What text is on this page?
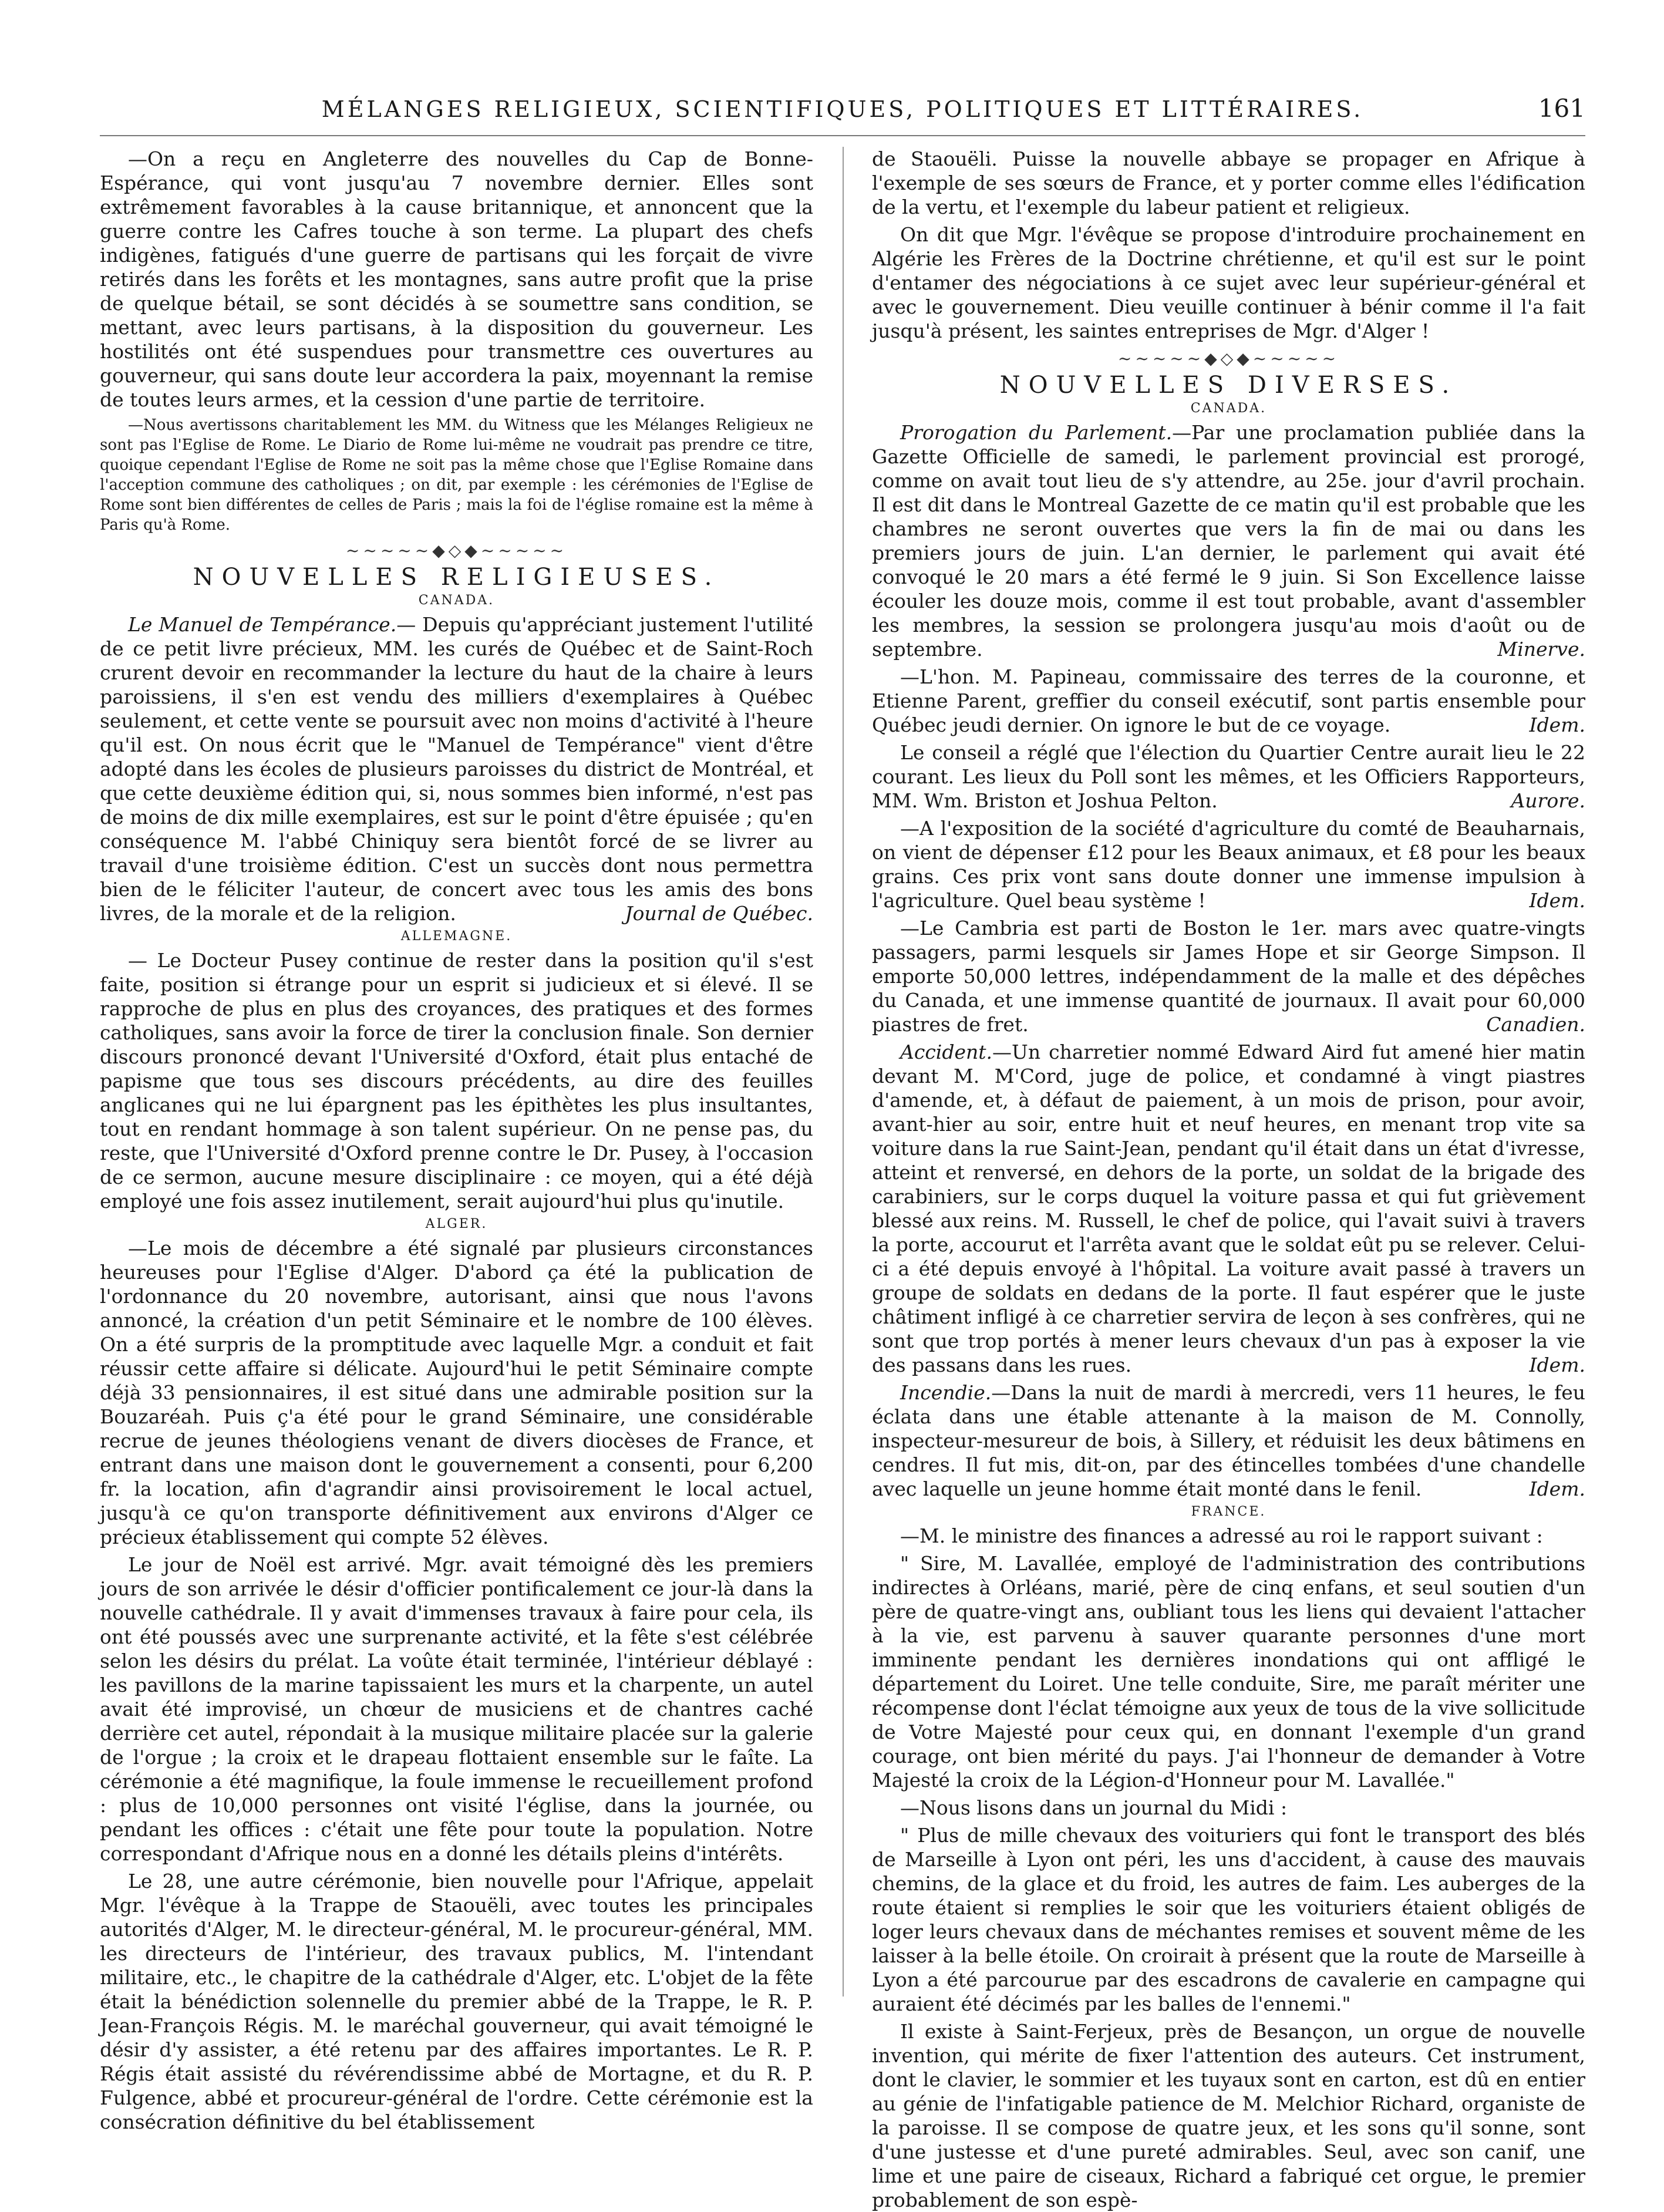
MÉLANGES RELIGIEUX, SCIENTIFIQUES, POLITIQUES ET LITTÉRAIRES.	161

—On a reçu en Angleterre des nouvelles du Cap de Bonne-Espérance, qui vont jusqu'au 7 novembre dernier. Elles sont extrêmement favorables à la cause britannique, et annoncent que la guerre contre les Cafres touche à son terme. La plupart des chefs indigènes, fatigués d'une guerre de partisans qui les forçait de vivre retirés dans les forêts et les montagnes, sans autre profit que la prise de quelque bétail, se sont décidés à se soumettre sans condition, se mettant, avec leurs partisans, à la disposition du gouverneur. Les hostilités ont été suspendues pour transmettre ces ouvertures au gouverneur, qui sans doute leur accordera la paix, moyennant la remise de toutes leurs armes, et la cession d'une partie de territoire.

—Nous avertissons charitablement les MM. du Witness que les Mélanges Religieux ne sont pas l'Eglise de Rome. Le Diario de Rome lui-même ne voudrait pas prendre ce titre, quoique cependant l'Eglise de Rome ne soit pas la même chose que l'Eglise Romaine dans l'acception commune des catholiques ; on dit, par exemple : les cérémonies de l'Eglise de Rome sont bien différentes de celles de Paris ; mais la foi de l'église romaine est la même à Paris qu'à Rome.

~~~~~◆◇◆~~~~~
NOUVELLES RELIGIEUSES.
CANADA.

Le Manuel de Tempérance.— Depuis qu'appréciant justement l'utilité de ce petit livre précieux, MM. les curés de Québec et de Saint-Roch crurent devoir en recommander la lecture du haut de la chaire à leurs paroissiens, il s'en est vendu des milliers d'exemplaires à Québec seulement, et cette vente se poursuit avec non moins d'activité à l'heure qu'il est. On nous écrit que le "Manuel de Tempérance" vient d'être adopté dans les écoles de plusieurs paroisses du district de Montréal, et que cette deuxième édition qui, si, nous sommes bien informé, n'est pas de moins de dix mille exemplaires, est sur le point d'être épuisée ; qu'en conséquence M. l'abbé Chiniquy sera bientôt forcé de se livrer au travail d'une troisième édition. C'est un succès dont nous permettra bien de le féliciter l'auteur, de concert avec tous les amis des bons livres, de la morale et de la religion.	Journal de Québec.

ALLEMAGNE.

— Le Docteur Pusey continue de rester dans la position qu'il s'est faite, position si étrange pour un esprit si judicieux et si élevé. Il se rapproche de plus en plus des croyances, des pratiques et des formes catholiques, sans avoir la force de tirer la conclusion finale. Son dernier discours prononcé devant l'Université d'Oxford, était plus entaché de papisme que tous ses discours précédents, au dire des feuilles anglicanes qui ne lui épargnent pas les épithètes les plus insultantes, tout en rendant hommage à son talent supérieur. On ne pense pas, du reste, que l'Université d'Oxford prenne contre le Dr. Pusey, à l'occasion de ce sermon, aucune mesure disciplinaire : ce moyen, qui a été déjà employé une fois assez inutilement, serait aujourd'hui plus qu'inutile.

ALGER.

—Le mois de décembre a été signalé par plusieurs circonstances heureuses pour l'Eglise d'Alger. D'abord ça été la publication de l'ordonnance du 20 novembre, autorisant, ainsi que nous l'avons annoncé, la création d'un petit Séminaire et le nombre de 100 élèves. On a été surpris de la promptitude avec laquelle Mgr. a conduit et fait réussir cette affaire si délicate. Aujourd'hui le petit Séminaire compte déjà 33 pensionnaires, il est situé dans une admirable position sur la Bouzaréah. Puis ç'a été pour le grand Séminaire, une considérable recrue de jeunes théologiens venant de divers diocèses de France, et entrant dans une maison dont le gouvernement a consenti, pour 6,200 fr. la location, afin d'agrandir ainsi provisoirement le local actuel, jusqu'à ce qu'on transporte définitivement aux environs d'Alger ce précieux établissement qui compte 52 élèves.

Le jour de Noël est arrivé. Mgr. avait témoigné dès les premiers jours de son arrivée le désir d'officier pontificalement ce jour-là dans la nouvelle cathédrale. Il y avait d'immenses travaux à faire pour cela, ils ont été poussés avec une surprenante activité, et la fête s'est célébrée selon les désirs du prélat. La voûte était terminée, l'intérieur déblayé : les pavillons de la marine tapissaient les murs et la charpente, un autel avait été improvisé, un chœur de musiciens et de chantres caché derrière cet autel, répondait à la musique militaire placée sur la galerie de l'orgue ; la croix et le drapeau flottaient ensemble sur le faîte. La cérémonie a été magnifique, la foule immense le recueillement profond : plus de 10,000 personnes ont visité l'église, dans la journée, ou pendant les offices : c'était une fête pour toute la population. Notre correspondant d'Afrique nous en a donné les détails pleins d'intérêts.

Le 28, une autre cérémonie, bien nouvelle pour l'Afrique, appelait Mgr. l'évêque à la Trappe de Staouëli, avec toutes les principales autorités d'Alger, M. le directeur-général, M. le procureur-général, MM. les directeurs de l'intérieur, des travaux publics, M. l'intendant militaire, etc., le chapitre de la cathédrale d'Alger, etc. L'objet de la fête était la bénédiction solennelle du premier abbé de la Trappe, le R. P. Jean-François Régis. M. le maréchal gouverneur, qui avait témoigné le désir d'y assister, a été retenu par des affaires importantes. Le R. P. Régis était assisté du révérendissime abbé de Mortagne, et du R. P. Fulgence, abbé et procureur-général de l'ordre. Cette cérémonie est la consécration définitive du bel établissement

de Staouëli. Puisse la nouvelle abbaye se propager en Afrique à l'exemple de ses sœurs de France, et y porter comme elles l'édification de la vertu, et l'exemple du labeur patient et religieux.

On dit que Mgr. l'évêque se propose d'introduire prochainement en Algérie les Frères de la Doctrine chrétienne, et qu'il est sur le point d'entamer des négociations à ce sujet avec leur supérieur-général et avec le gouvernement. Dieu veuille continuer à bénir comme il l'a fait jusqu'à présent, les saintes entreprises de Mgr. d'Alger !

~~~~~◆◇◆~~~~~
NOUVELLES DIVERSES.
CANADA.

Prorogation du Parlement.—Par une proclamation publiée dans la Gazette Officielle de samedi, le parlement provincial est prorogé, comme on avait tout lieu de s'y attendre, au 25e. jour d'avril prochain. Il est dit dans le Montreal Gazette de ce matin qu'il est probable que les chambres ne seront ouvertes que vers la fin de mai ou dans les premiers jours de juin. L'an dernier, le parlement qui avait été convoqué le 20 mars a été fermé le 9 juin. Si Son Excellence laisse écouler les douze mois, comme il est tout probable, avant d'assembler les membres, la session se prolongera jusqu'au mois d'août ou de septembre.	Minerve.

—L'hon. M. Papineau, commissaire des terres de la couronne, et Etienne Parent, greffier du conseil exécutif, sont partis ensemble pour Québec jeudi dernier. On ignore le but de ce voyage.	Idem.

Le conseil a réglé que l'élection du Quartier Centre aurait lieu le 22 courant. Les lieux du Poll sont les mêmes, et les Officiers Rapporteurs, MM. Wm. Briston et Joshua Pelton.	Aurore.

—A l'exposition de la société d'agriculture du comté de Beauharnais, on vient de dépenser £12 pour les Beaux animaux, et £8 pour les beaux grains. Ces prix vont sans doute donner une immense impulsion à l'agriculture. Quel beau système !	Idem.

—Le Cambria est parti de Boston le 1er. mars avec quatre-vingts passagers, parmi lesquels sir James Hope et sir George Simpson. Il emporte 50,000 lettres, indépendamment de la malle et des dépêches du Canada, et une immense quantité de journaux. Il avait pour 60,000 piastres de fret.	Canadien.

Accident.—Un charretier nommé Edward Aird fut amené hier matin devant M. M'Cord, juge de police, et condamné à vingt piastres d'amende, et, à défaut de paiement, à un mois de prison, pour avoir, avant-hier au soir, entre huit et neuf heures, en menant trop vite sa voiture dans la rue Saint-Jean, pendant qu'il était dans un état d'ivresse, atteint et renversé, en dehors de la porte, un soldat de la brigade des carabiniers, sur le corps duquel la voiture passa et qui fut grièvement blessé aux reins. M. Russell, le chef de police, qui l'avait suivi à travers la porte, accourut et l'arrêta avant que le soldat eût pu se relever. Celui-ci a été depuis envoyé à l'hôpital. La voiture avait passé à travers un groupe de soldats en dedans de la porte. Il faut espérer que le juste châtiment infligé à ce charretier servira de leçon à ses confrères, qui ne sont que trop portés à mener leurs chevaux d'un pas à exposer la vie des passans dans les rues.	Idem.

Incendie.—Dans la nuit de mardi à mercredi, vers 11 heures, le feu éclata dans une étable attenante à la maison de M. Connolly, inspecteur-mesureur de bois, à Sillery, et réduisit les deux bâtimens en cendres. Il fut mis, dit-on, par des étincelles tombées d'une chandelle avec laquelle un jeune homme était monté dans le fenil.	Idem.

FRANCE.

—M. le ministre des finances a adressé au roi le rapport suivant :

" Sire, M. Lavallée, employé de l'administration des contributions indirectes à Orléans, marié, père de cinq enfans, et seul soutien d'un père de quatre-vingt ans, oubliant tous les liens qui devaient l'attacher à la vie, est parvenu à sauver quarante personnes d'une mort imminente pendant les dernières inondations qui ont affligé le département du Loiret. Une telle conduite, Sire, me paraît mériter une récompense dont l'éclat témoigne aux yeux de tous de la vive sollicitude de Votre Majesté pour ceux qui, en donnant l'exemple d'un grand courage, ont bien mérité du pays. J'ai l'honneur de demander à Votre Majesté la croix de la Légion-d'Honneur pour M. Lavallée."

—Nous lisons dans un journal du Midi :

" Plus de mille chevaux des voituriers qui font le transport des blés de Marseille à Lyon ont péri, les uns d'accident, à cause des mauvais chemins, de la glace et du froid, les autres de faim. Les auberges de la route étaient si remplies le soir que les voituriers étaient obligés de loger leurs chevaux dans de méchantes remises et souvent même de les laisser à la belle étoile. On croirait à présent que la route de Marseille à Lyon a été parcourue par des escadrons de cavalerie en campagne qui auraient été décimés par les balles de l'ennemi."

Il existe à Saint-Ferjeux, près de Besançon, un orgue de nouvelle invention, qui mérite de fixer l'attention des auteurs. Cet instrument, dont le clavier, le sommier et les tuyaux sont en carton, est dû en entier au génie de l'infatigable patience de M. Melchior Richard, organiste de la paroisse. Il se compose de quatre jeux, et les sons qu'il sonne, sont d'une justesse et d'une pureté admirables. Seul, avec son canif, une lime et une paire de ciseaux, Richard a fabriqué cet orgue, le premier probablement de son espè-
